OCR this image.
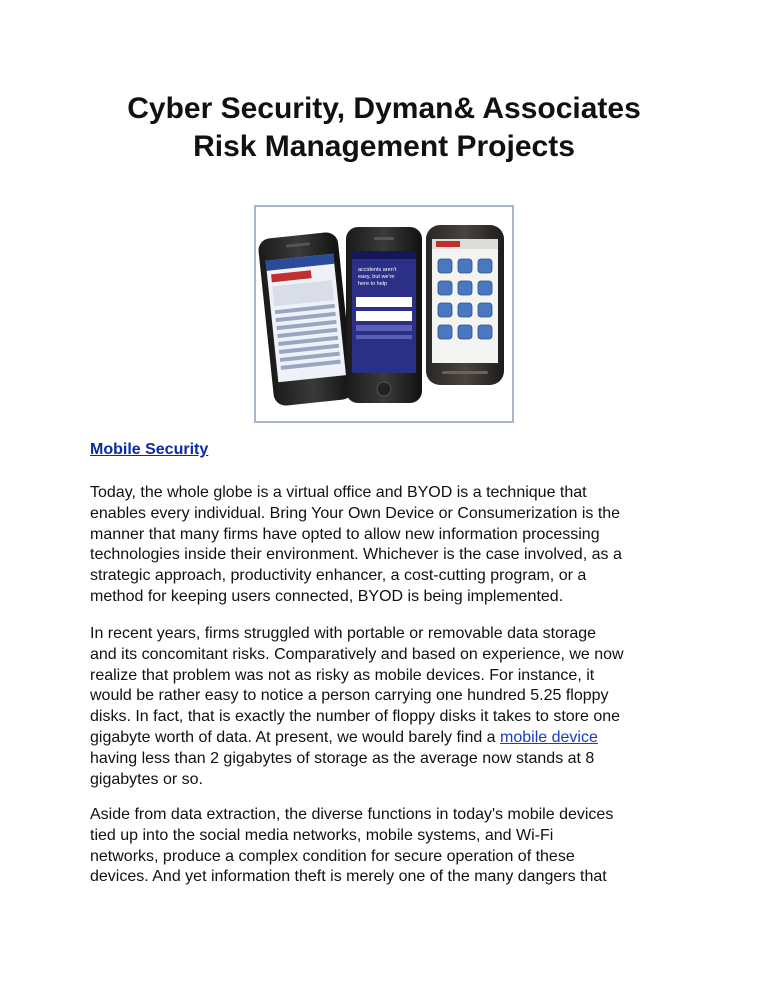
Cyber Security, Dyman& Associates
Risk Management Projects
accidents aren't
easy, but we're
here to help
Mobile Security

Today, the whole globe is a virtual office and BYOD is a technique that
enables every individual. Bring Your Own Device or Consumerization is the
manner that many firms have opted to allow new information processing
technologies inside their environment. Whichever is the case involved, as a
strategic approach, productivity enhancer, a cost-cutting program, or a
method for keeping users connected, BYOD is being implemented.

In recent years, firms struggled with portable or removable data storage
and its concomitant risks. Comparatively and based on experience, we now
realize that problem was not as risky as mobile devices. For instance, it
would be rather easy to notice a person carrying one hundred 5.25 floppy
disks. In fact, that is exactly the number of floppy disks it takes to store one
gigabyte worth of data. At present, we would barely find a mobile device
having less than 2 gigabytes of storage as the average now stands at 8
gigabytes or so.

Aside from data extraction, the diverse functions in today's mobile devices
tied up into the social media networks, mobile systems, and Wi-Fi
networks, produce a complex condition for secure operation of these
devices. And yet information theft is merely one of the many dangers that
